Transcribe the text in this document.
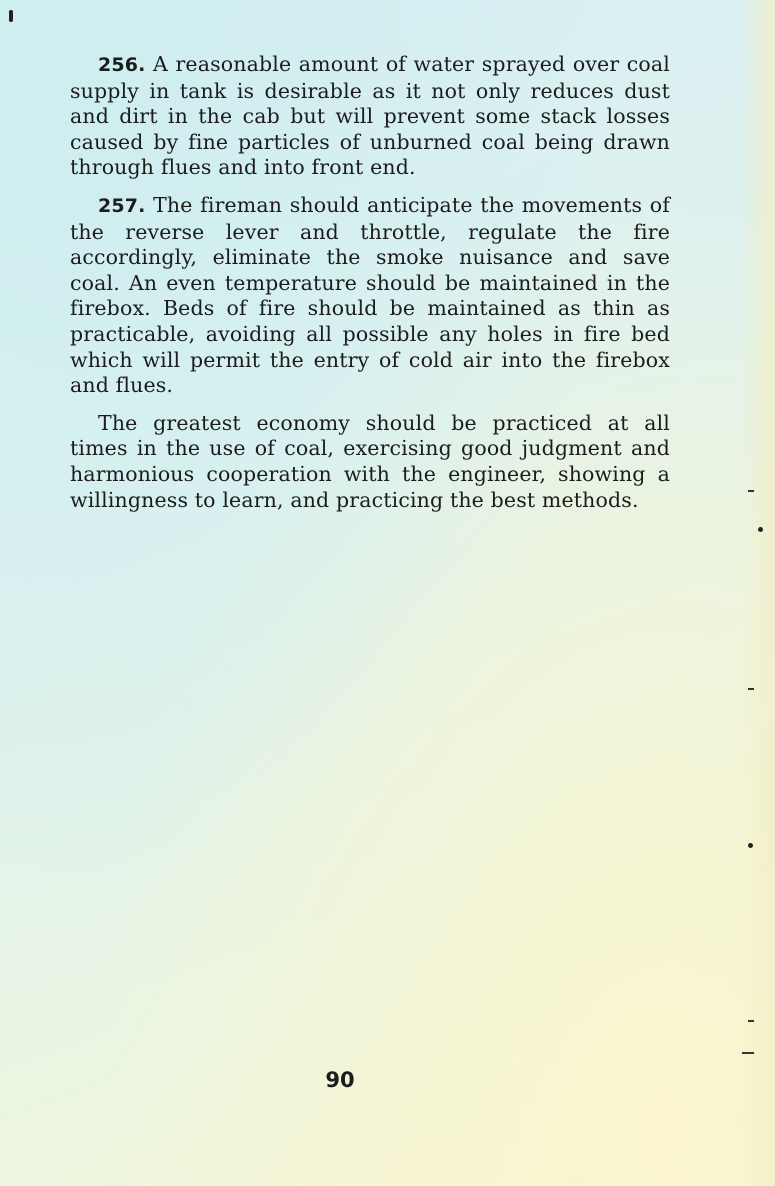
256. A reasonable amount of water sprayed over coal supply in tank is desirable as it not only reduces dust and dirt in the cab but will prevent some stack losses caused by fine particles of unburned coal being drawn through flues and into front end.

257. The fireman should anticipate the movements of the reverse lever and throttle, regulate the fire accordingly, eliminate the smoke nuisance and save coal. An even temperature should be maintained in the firebox. Beds of fire should be maintained as thin as practicable, avoiding all possible any holes in fire bed which will permit the entry of cold air into the firebox and flues.

The greatest economy should be practiced at all times in the use of coal, exercising good judgment and harmonious cooperation with the engineer, showing a willingness to learn, and practicing the best methods.

90
